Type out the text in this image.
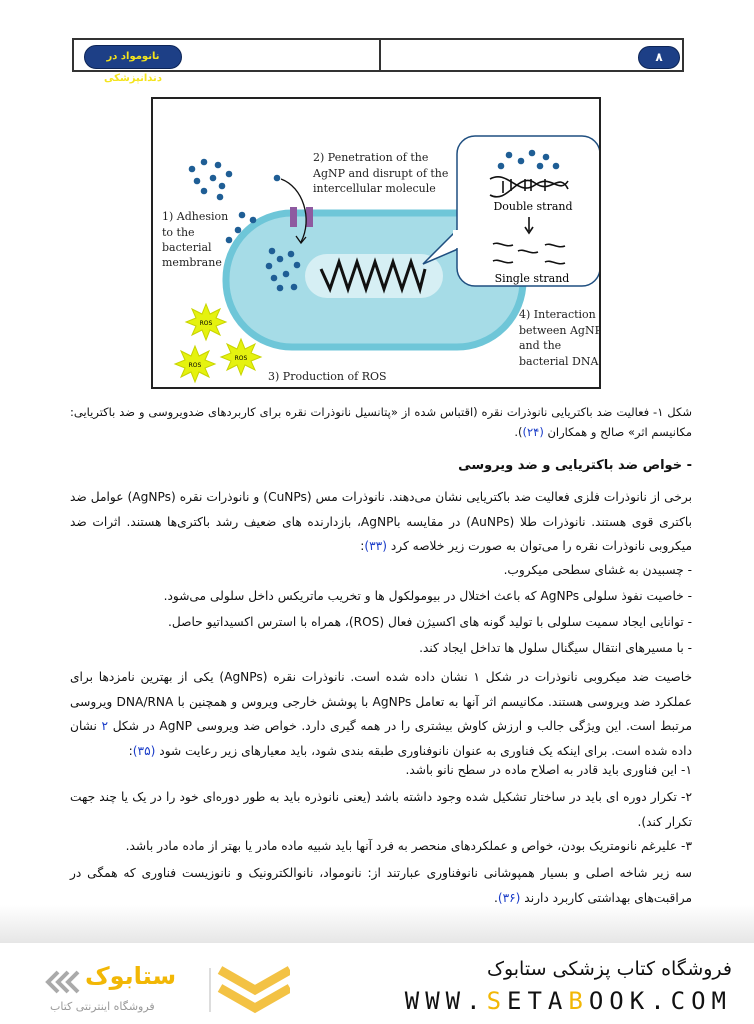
نانومواد در دندانپزشکی
۸
Double strand
Single strand
1) Adhesion
to the
bacterial
membrane
2) Penetration of the
AgNP and disrupt of the
intercellular molecule
3) Production of ROS
4) Interaction
between AgNP
and the
bacterial DNA
ROS
ROS
ROS
شکل ۱- فعالیت ضد باکتریایی نانوذرات نقره (اقتباس شده از «پتانسیل نانوذرات نقره برای کاربردهای ضدویروسی و ضد باکتریایی: مکانیسم اثر» صالح و همکاران (۲۴)).
- خواص ضد باکتریایی و ضد ویروسی
برخی از نانوذرات فلزی فعالیت ضد باکتریایی نشان می‌دهند. نانوذرات مس (CuNPs) و نانوذرات نقره (AgNPs) عوامل ضد باکتری قوی هستند. نانوذرات طلا (AuNPs) در مقایسه باAgNP، بازدارنده های ضعیف رشد باکتری‌ها هستند. اثرات ضد میکروبی نانوذرات نقره را می‌توان به صورت زیر خلاصه کرد (۳۳):
- چسبیدن به غشای سطحی میکروب.
- خاصیت نفوذ سلولی AgNPs که باعث اختلال در بیومولکول ها و تخریب ماتریکس داخل سلولی می‌شود.
- توانایی ایجاد سمیت سلولی با تولید گونه های اکسیژن فعال (ROS)، همراه با استرس اکسیداتیو حاصل.
- با مسیرهای انتقال سیگنال سلول ها تداخل ایجاد کند.
خاصیت ضد میکروبی نانوذرات در شکل ۱ نشان داده شده است. نانوذرات نقره (AgNPs) یکی از بهترین نامزدها برای عملکرد ضد ویروسی هستند. مکانیسم اثر آنها به تعامل AgNPs با پوشش خارجی ویروس و همچنین با DNA/RNA ویروسی مرتبط است. این ویژگی جالب و ارزش کاوش بیشتری را در همه گیری دارد. خواص ضد ویروسی AgNP در شکل ۲ نشان داده شده است. برای اینکه یک فناوری به عنوان نانوفناوری طبقه بندی شود، باید معیارهای زیر رعایت شود (۳۵):
۱- این فناوری باید قادر به اصلاح ماده در سطح نانو باشد.
۲- تکرار دوره ای باید در ساختار تشکیل شده وجود داشته باشد (یعنی نانوذره باید به طور دوره‌ای خود را در یک یا چند جهت تکرار کند).
۳- علیرغم نانومتریک بودن، خواص و عملکردهای منحصر به فرد آنها باید شبیه ماده مادر یا بهتر از ماده مادر باشد.
سه زیر شاخه اصلی و بسیار همپوشانی نانوفناوری عبارتند از: نانومواد، نانوالکترونیک و نانوزیست فناوری که همگی در مراقبت‌های بهداشتی کاربرد دارند (۳۶).
ستابوک
فروشگاه اینترنتی کتاب
فروشگاه کتاب پزشکی ستابوک
WWW.SETABOOK.COM
